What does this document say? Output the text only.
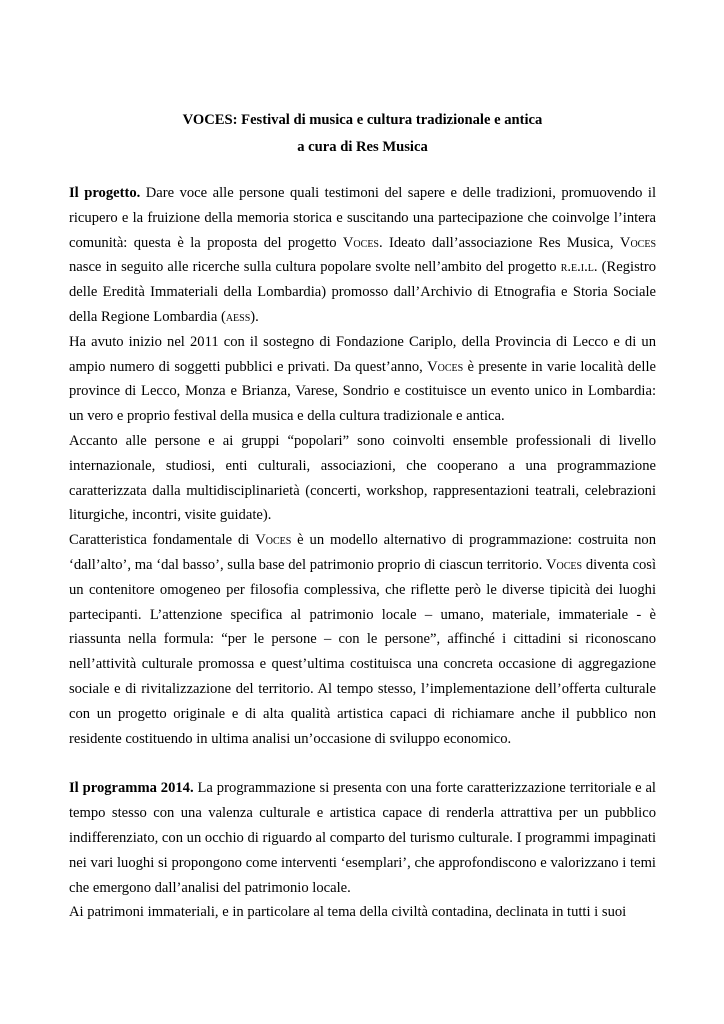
VOCES: Festival di musica e cultura tradizionale e antica

a cura di Res Musica

Il progetto. Dare voce alle persone quali testimoni del sapere e delle tradizioni, promuovendo il ricupero e la fruizione della memoria storica e suscitando una partecipazione che coinvolge l’intera comunità: questa è la proposta del progetto Voces. Ideato dall’associazione Res Musica, Voces nasce in seguito alle ricerche sulla cultura popolare svolte nell’ambito del progetto r.e.i.l. (Registro delle Eredità Immateriali della Lombardia) promosso dall’Archivio di Etnografia e Storia Sociale della Regione Lombardia (aess).

Ha avuto inizio nel 2011 con il sostegno di Fondazione Cariplo, della Provincia di Lecco e di un ampio numero di soggetti pubblici e privati. Da quest’anno, Voces è presente in varie località delle province di Lecco, Monza e Brianza, Varese, Sondrio e costituisce un evento unico in Lombardia: un vero e proprio festival della musica e della cultura tradizionale e antica.

Accanto alle persone e ai gruppi “popolari” sono coinvolti ensemble professionali di livello internazionale, studiosi, enti culturali, associazioni, che cooperano a una programmazione caratterizzata dalla multidisciplinarietà (concerti, workshop, rappresentazioni teatrali, celebrazioni liturgiche, incontri, visite guidate).

Caratteristica fondamentale di Voces è un modello alternativo di programmazione: costruita non ‘dall’alto’, ma ‘dal basso’, sulla base del patrimonio proprio di ciascun territorio. Voces diventa così un contenitore omogeneo per filosofia complessiva, che riflette però le diverse tipicità dei luoghi partecipanti. L’attenzione specifica al patrimonio locale – umano, materiale, immateriale - è riassunta nella formula: “per le persone – con le persone”, affinché i cittadini si riconoscano nell’attività culturale promossa e quest’ultima costituisca una concreta occasione di aggregazione sociale e di rivitalizzazione del territorio. Al tempo stesso, l’implementazione dell’offerta culturale con un progetto originale e di alta qualità artistica capaci di richiamare anche il pubblico non residente costituendo in ultima analisi un’occasione di sviluppo economico.

Il programma 2014. La programmazione si presenta con una forte caratterizzazione territoriale e al tempo stesso con una valenza culturale e artistica capace di renderla attrattiva per un pubblico indifferenziato, con un occhio di riguardo al comparto del turismo culturale. I programmi impaginati nei vari luoghi si propongono come interventi ‘esemplari’, che approfondiscono e valorizzano i temi che emergono dall’analisi del patrimonio locale.

Ai patrimoni immateriali, e in particolare al tema della civiltà contadina, declinata in tutti i suoi
